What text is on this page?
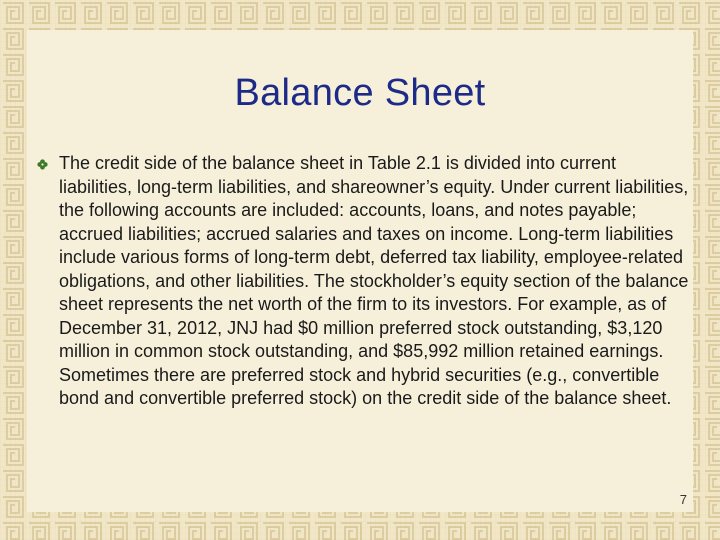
Balance Sheet

The credit side of the balance sheet in Table 2.1 is divided into current liabilities, long-term liabilities, and shareowner’s equity. Under current liabilities, the following accounts are included: accounts, loans, and notes payable; accrued liabilities; accrued salaries and taxes on income. Long-term liabilities include various forms of long-term debt, deferred tax liability, employee-related obligations, and other liabilities. The stockholder’s equity section of the balance sheet represents the net worth of the firm to its investors. For example, as of December 31, 2012, JNJ had $0 million preferred stock outstanding, $3,120 million in common stock outstanding, and $85,992 million retained earnings. Sometimes there are preferred stock and hybrid securities (e.g., convertible bond and convertible preferred stock) on the credit side of the balance sheet.

7
